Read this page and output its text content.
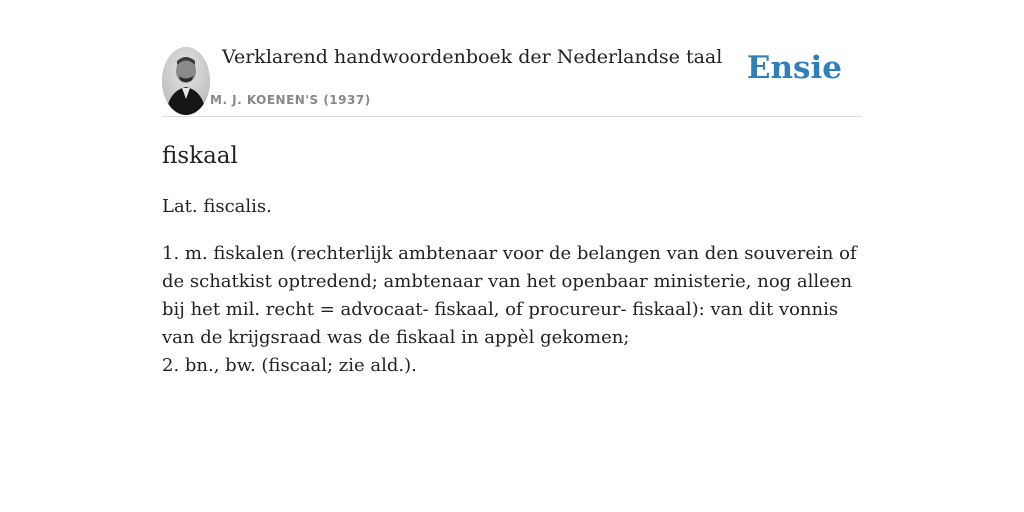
Verklarend handwoordenboek der Nederlandse taal
M. J. KOENEN'S (1937)
Ensie
fiskaal

Lat. fiscalis.

1. m. fiskalen (rechterlijk ambtenaar voor de belangen van den souverein of de schatkist optredend; ambtenaar van het openbaar ministerie, nog alleen bij het mil. recht = advocaat- fiskaal, of procureur- fiskaal): van dit vonnis van de krijgsraad was de fiskaal in appèl gekomen;
2. bn., bw. (fiscaal; zie ald.).
